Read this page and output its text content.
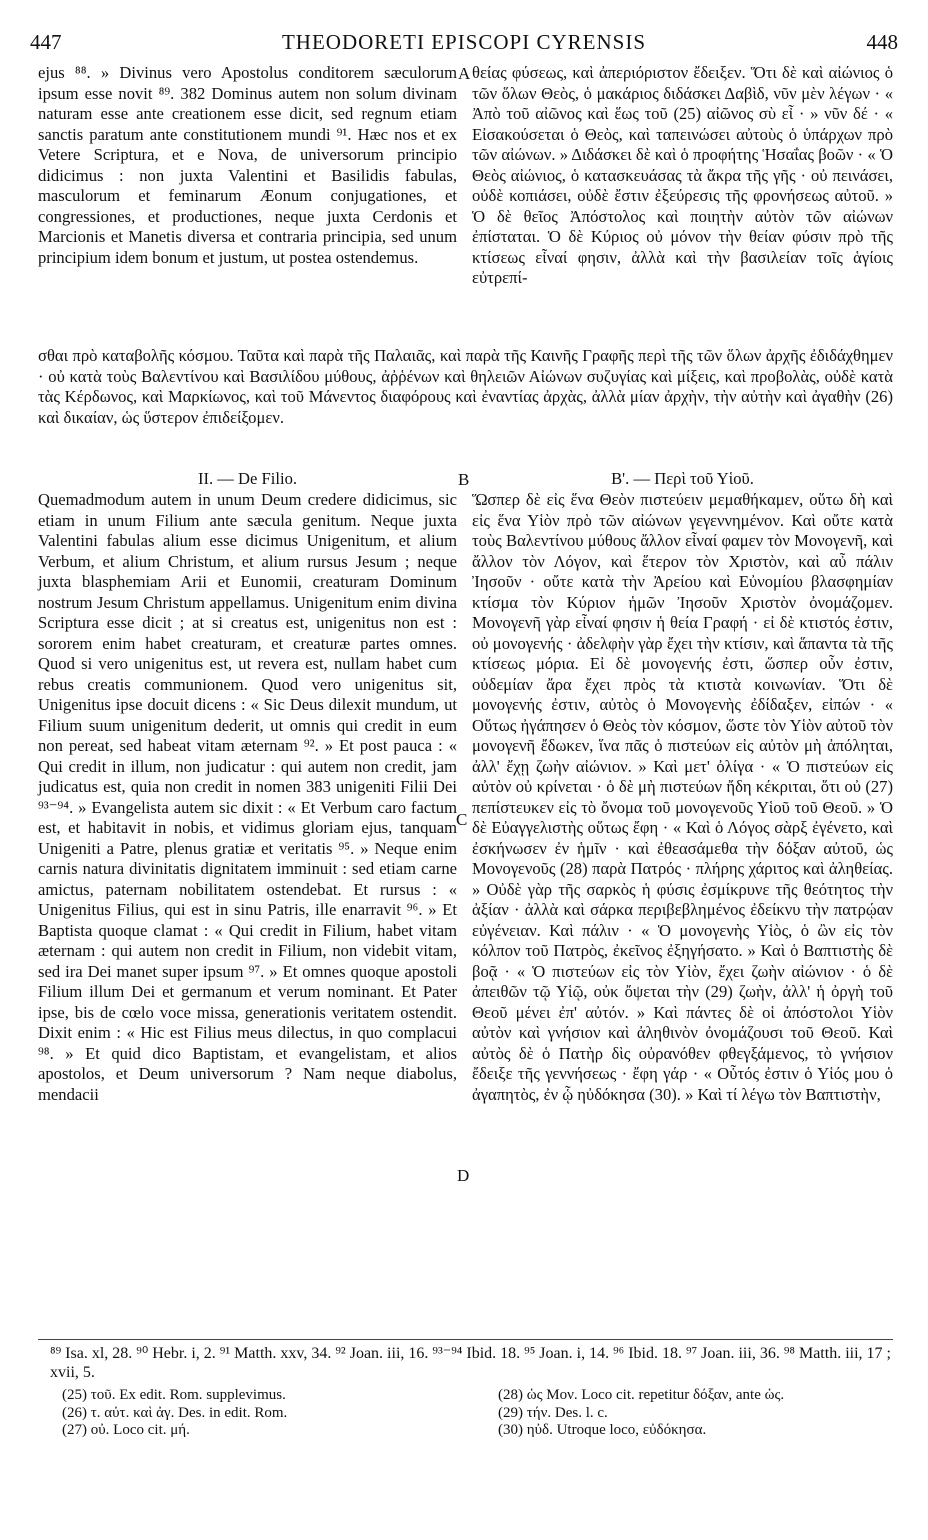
447	THEODORETI EPISCOPI CYRENSIS	448
A
B
C
D
ejus ⁸⁸. » Divinus vero Apostolus conditorem sæculorum ipsum esse novit ⁸⁹. 382 Dominus autem non solum divinam naturam esse ante creationem esse dicit, sed regnum etiam sanctis paratum ante constitutionem mundi ⁹¹. Hæc nos et ex Vetere Scriptura, et e Nova, de universorum principio didicimus : non juxta Valentini et Basilidis fabulas, masculorum et feminarum Æonum conjugationes, et congressiones, et productiones, neque juxta Cerdonis et Marcionis et Manetis diversa et contraria principia, sed unum principium idem bonum et justum, ut postea ostendemus.
θείας φύσεως, καὶ ἀπεριόριστον ἔδειξεν. Ὅτι δὲ καὶ αἰώνιος ὁ τῶν ὅλων Θεὸς, ὁ μακάριος διδάσκει Δαβὶδ, νῦν μὲν λέγων · « Ἀπὸ τοῦ αἰῶνος καὶ ἕως τοῦ (25) αἰῶνος σὺ εἶ · » νῦν δέ · « Εἰσακούσεται ὁ Θεὸς, καὶ ταπεινώσει αὐτοὺς ὁ ὑπάρχων πρὸ τῶν αἰώνων. » Διδάσκει δὲ καὶ ὁ προφήτης Ἡσαΐας βοῶν · « Ὁ Θεὸς αἰώνιος, ὁ κατασκευάσας τὰ ἄκρα τῆς γῆς · οὐ πεινάσει, οὐδὲ κοπιάσει, οὐδὲ ἔστιν ἐξεύρεσις τῆς φρονήσεως αὐτοῦ. » Ὁ δὲ θεῖος Ἀπόστολος καὶ ποιητὴν αὐτὸν τῶν αἰώνων ἐπίσταται. Ὁ δὲ Κύριος οὐ μόνον τὴν θείαν φύσιν πρὸ τῆς κτίσεως εἶναί φησιν, ἀλλὰ καὶ τὴν βασιλείαν τοῖς ἁγίοις εὐτρεπί-
σθαι πρὸ καταβολῆς κόσμου. Ταῦτα καὶ παρὰ τῆς Παλαιᾶς, καὶ παρὰ τῆς Καινῆς Γραφῆς περὶ τῆς τῶν ὅλων ἀρχῆς ἐδιδάχθημεν · οὐ κατὰ τοὺς Βαλεντίνου καὶ Βασιλίδου μύθους, ἀῤῥένων καὶ θηλειῶν Αἰώνων συζυγίας καὶ μίξεις, καὶ προβολὰς, οὐδὲ κατὰ τὰς Κέρδωνος, καὶ Μαρκίωνος, καὶ τοῦ Μάνεντος διαφόρους καὶ ἐναντίας ἀρχὰς, ἀλλὰ μίαν ἀρχὴν, τὴν αὐτὴν καὶ ἀγαθὴν (26) καὶ δικαίαν, ὡς ὕστερον ἐπιδείξομεν.
II. — De Filio.	Β'. — Περὶ τοῦ Υἱοῦ.
Quemadmodum autem in unum Deum credere didicimus, sic etiam in unum Filium ante sæcula genitum. Neque juxta Valentini fabulas alium esse dicimus Unigenitum, et alium Verbum, et alium Christum, et alium rursus Jesum ; neque juxta blasphemiam Arii et Eunomii, creaturam Dominum nostrum Jesum Christum appellamus. Unigenitum enim divina Scriptura esse dicit ; at si creatus est, unigenitus non est : sororem enim habet creaturam, et creaturæ partes omnes. Quod si vero unigenitus est, ut revera est, nullam habet cum rebus creatis communionem. Quod vero unigenitus sit, Unigenitus ipse docuit dicens : « Sic Deus dilexit mundum, ut Filium suum unigenitum dederit, ut omnis qui credit in eum non pereat, sed habeat vitam æternam ⁹². » Et post pauca : « Qui credit in illum, non judicatur : qui autem non credit, jam judicatus est, quia non credit in nomen 383 unigeniti Filii Dei ⁹³⁻⁹⁴. » Evangelista autem sic dixit : « Et Verbum caro factum est, et habitavit in nobis, et vidimus gloriam ejus, tanquam Unigeniti a Patre, plenus gratiæ et veritatis ⁹⁵. » Neque enim carnis natura divinitatis dignitatem imminuit : sed etiam carne amictus, paternam nobilitatem ostendebat. Et rursus : « Unigenitus Filius, qui est in sinu Patris, ille enarravit ⁹⁶. » Et Baptista quoque clamat : « Qui credit in Filium, habet vitam æternam : qui autem non credit in Filium, non videbit vitam, sed ira Dei manet super ipsum ⁹⁷. » Et omnes quoque apostoli Filium illum Dei et germanum et verum nominant. Et Pater ipse, bis de cœlo voce missa, generationis veritatem ostendit. Dixit enim : « Hic est Filius meus dilectus, in quo complacui ⁹⁸. » Et quid dico Baptistam, et evangelistam, et alios apostolos, et Deum universorum ? Nam neque diabolus, mendacii
Ὥσπερ δὲ εἰς ἕνα Θεὸν πιστεύειν μεμαθήκαμεν, οὕτω δὴ καὶ εἰς ἕνα Υἱὸν πρὸ τῶν αἰώνων γεγεννημένον. Καὶ οὔτε κατὰ τοὺς Βαλεντίνου μύθους ἄλλον εἶναί φαμεν τὸν Μονογενῆ, καὶ ἄλλον τὸν Λόγον, καὶ ἕτερον τὸν Χριστὸν, καὶ αὖ πάλιν Ἰησοῦν · οὔτε κατὰ τὴν Ἀρείου καὶ Εὐνομίου βλασφημίαν κτίσμα τὸν Κύριον ἡμῶν Ἰησοῦν Χριστὸν ὀνομάζομεν. Μονογενῆ γὰρ εἶναί φησιν ἡ θεία Γραφή · εἰ δὲ κτιστός ἐστιν, οὐ μονογενής · ἀδελφὴν γὰρ ἔχει τὴν κτίσιν, καὶ ἅπαντα τὰ τῆς κτίσεως μόρια. Εἰ δὲ μονογενής ἐστι, ὥσπερ οὖν ἐστιν, οὐδεμίαν ἄρα ἔχει πρὸς τὰ κτιστὰ κοινωνίαν. Ὅτι δὲ μονογενής ἐστιν, αὐτὸς ὁ Μονογενὴς ἐδίδαξεν, εἰπών · « Οὕτως ἠγάπησεν ὁ Θεὸς τὸν κόσμον, ὥστε τὸν Υἱὸν αὐτοῦ τὸν μονογενῆ ἔδωκεν, ἵνα πᾶς ὁ πιστεύων εἰς αὐτὸν μὴ ἀπόληται, ἀλλ' ἔχῃ ζωὴν αἰώνιον. » Καὶ μετ' ὀλίγα · « Ὁ πιστεύων εἰς αὐτὸν οὐ κρίνεται · ὁ δὲ μὴ πιστεύων ἤδη κέκριται, ὅτι οὐ (27) πεπίστευκεν εἰς τὸ ὄνομα τοῦ μονογενοῦς Υἱοῦ τοῦ Θεοῦ. » Ὁ δὲ Εὐαγγελιστὴς οὕτως ἔφη · « Καὶ ὁ Λόγος σὰρξ ἐγένετο, καὶ ἐσκήνωσεν ἐν ἡμῖν · καὶ ἐθεασάμεθα τὴν δόξαν αὐτοῦ, ὡς Μονογενοῦς (28) παρὰ Πατρός · πλήρης χάριτος καὶ ἀληθείας. » Οὐδὲ γὰρ τῆς σαρκὸς ἡ φύσις ἐσμίκρυνε τῆς θεότητος τὴν ἀξίαν · ἀλλὰ καὶ σάρκα περιβεβλημένος ἐδείκνυ τὴν πατρῴαν εὐγένειαν. Καὶ πάλιν · « Ὁ μονογενὴς Υἱὸς, ὁ ὢν εἰς τὸν κόλπον τοῦ Πατρὸς, ἐκεῖνος ἐξηγήσατο. » Καὶ ὁ Βαπτιστὴς δὲ βοᾷ · « Ὁ πιστεύων εἰς τὸν Υἱὸν, ἔχει ζωὴν αἰώνιον · ὁ δὲ ἀπειθῶν τῷ Υἱῷ, οὐκ ὄψεται τὴν (29) ζωὴν, ἀλλ' ἡ ὀργὴ τοῦ Θεοῦ μένει ἐπ' αὐτόν. » Καὶ πάντες δὲ οἱ ἀπόστολοι Υἱὸν αὐτὸν καὶ γνήσιον καὶ ἀληθινὸν ὀνομάζουσι τοῦ Θεοῦ. Καὶ αὐτὸς δὲ ὁ Πατὴρ δὶς οὐρανόθεν φθεγξάμενος, τὸ γνήσιον ἔδειξε τῆς γεννήσεως · ἔφη γάρ · « Οὗτός ἐστιν ὁ Υἱός μου ὁ ἀγαπητὸς, ἐν ᾧ ηὐδόκησα (30). » Καὶ τί λέγω τὸν Βαπτιστὴν,
⁸⁹ Isa. xl, 28. ⁹⁰ Hebr. i, 2. ⁹¹ Matth. xxv, 34. ⁹² Joan. iii, 16. ⁹³⁻⁹⁴ Ibid. 18. ⁹⁵ Joan. i, 14. ⁹⁶ Ibid. 18. ⁹⁷ Joan. iii, 36. ⁹⁸ Matth. iii, 17 ; xvii, 5.
(25) τοῦ. Ex edit. Rom. supplevimus.
(26) τ. αὐτ. καὶ ἀγ. Des. in edit. Rom.
(27) οὐ. Loco cit. μή.
(28) ὡς Μον. Loco cit. repetitur δόξαν, ante ὡς.
(29) τήν. Des. l. c.
(30) ηὐδ. Utroque loco, εὐδόκησα.
